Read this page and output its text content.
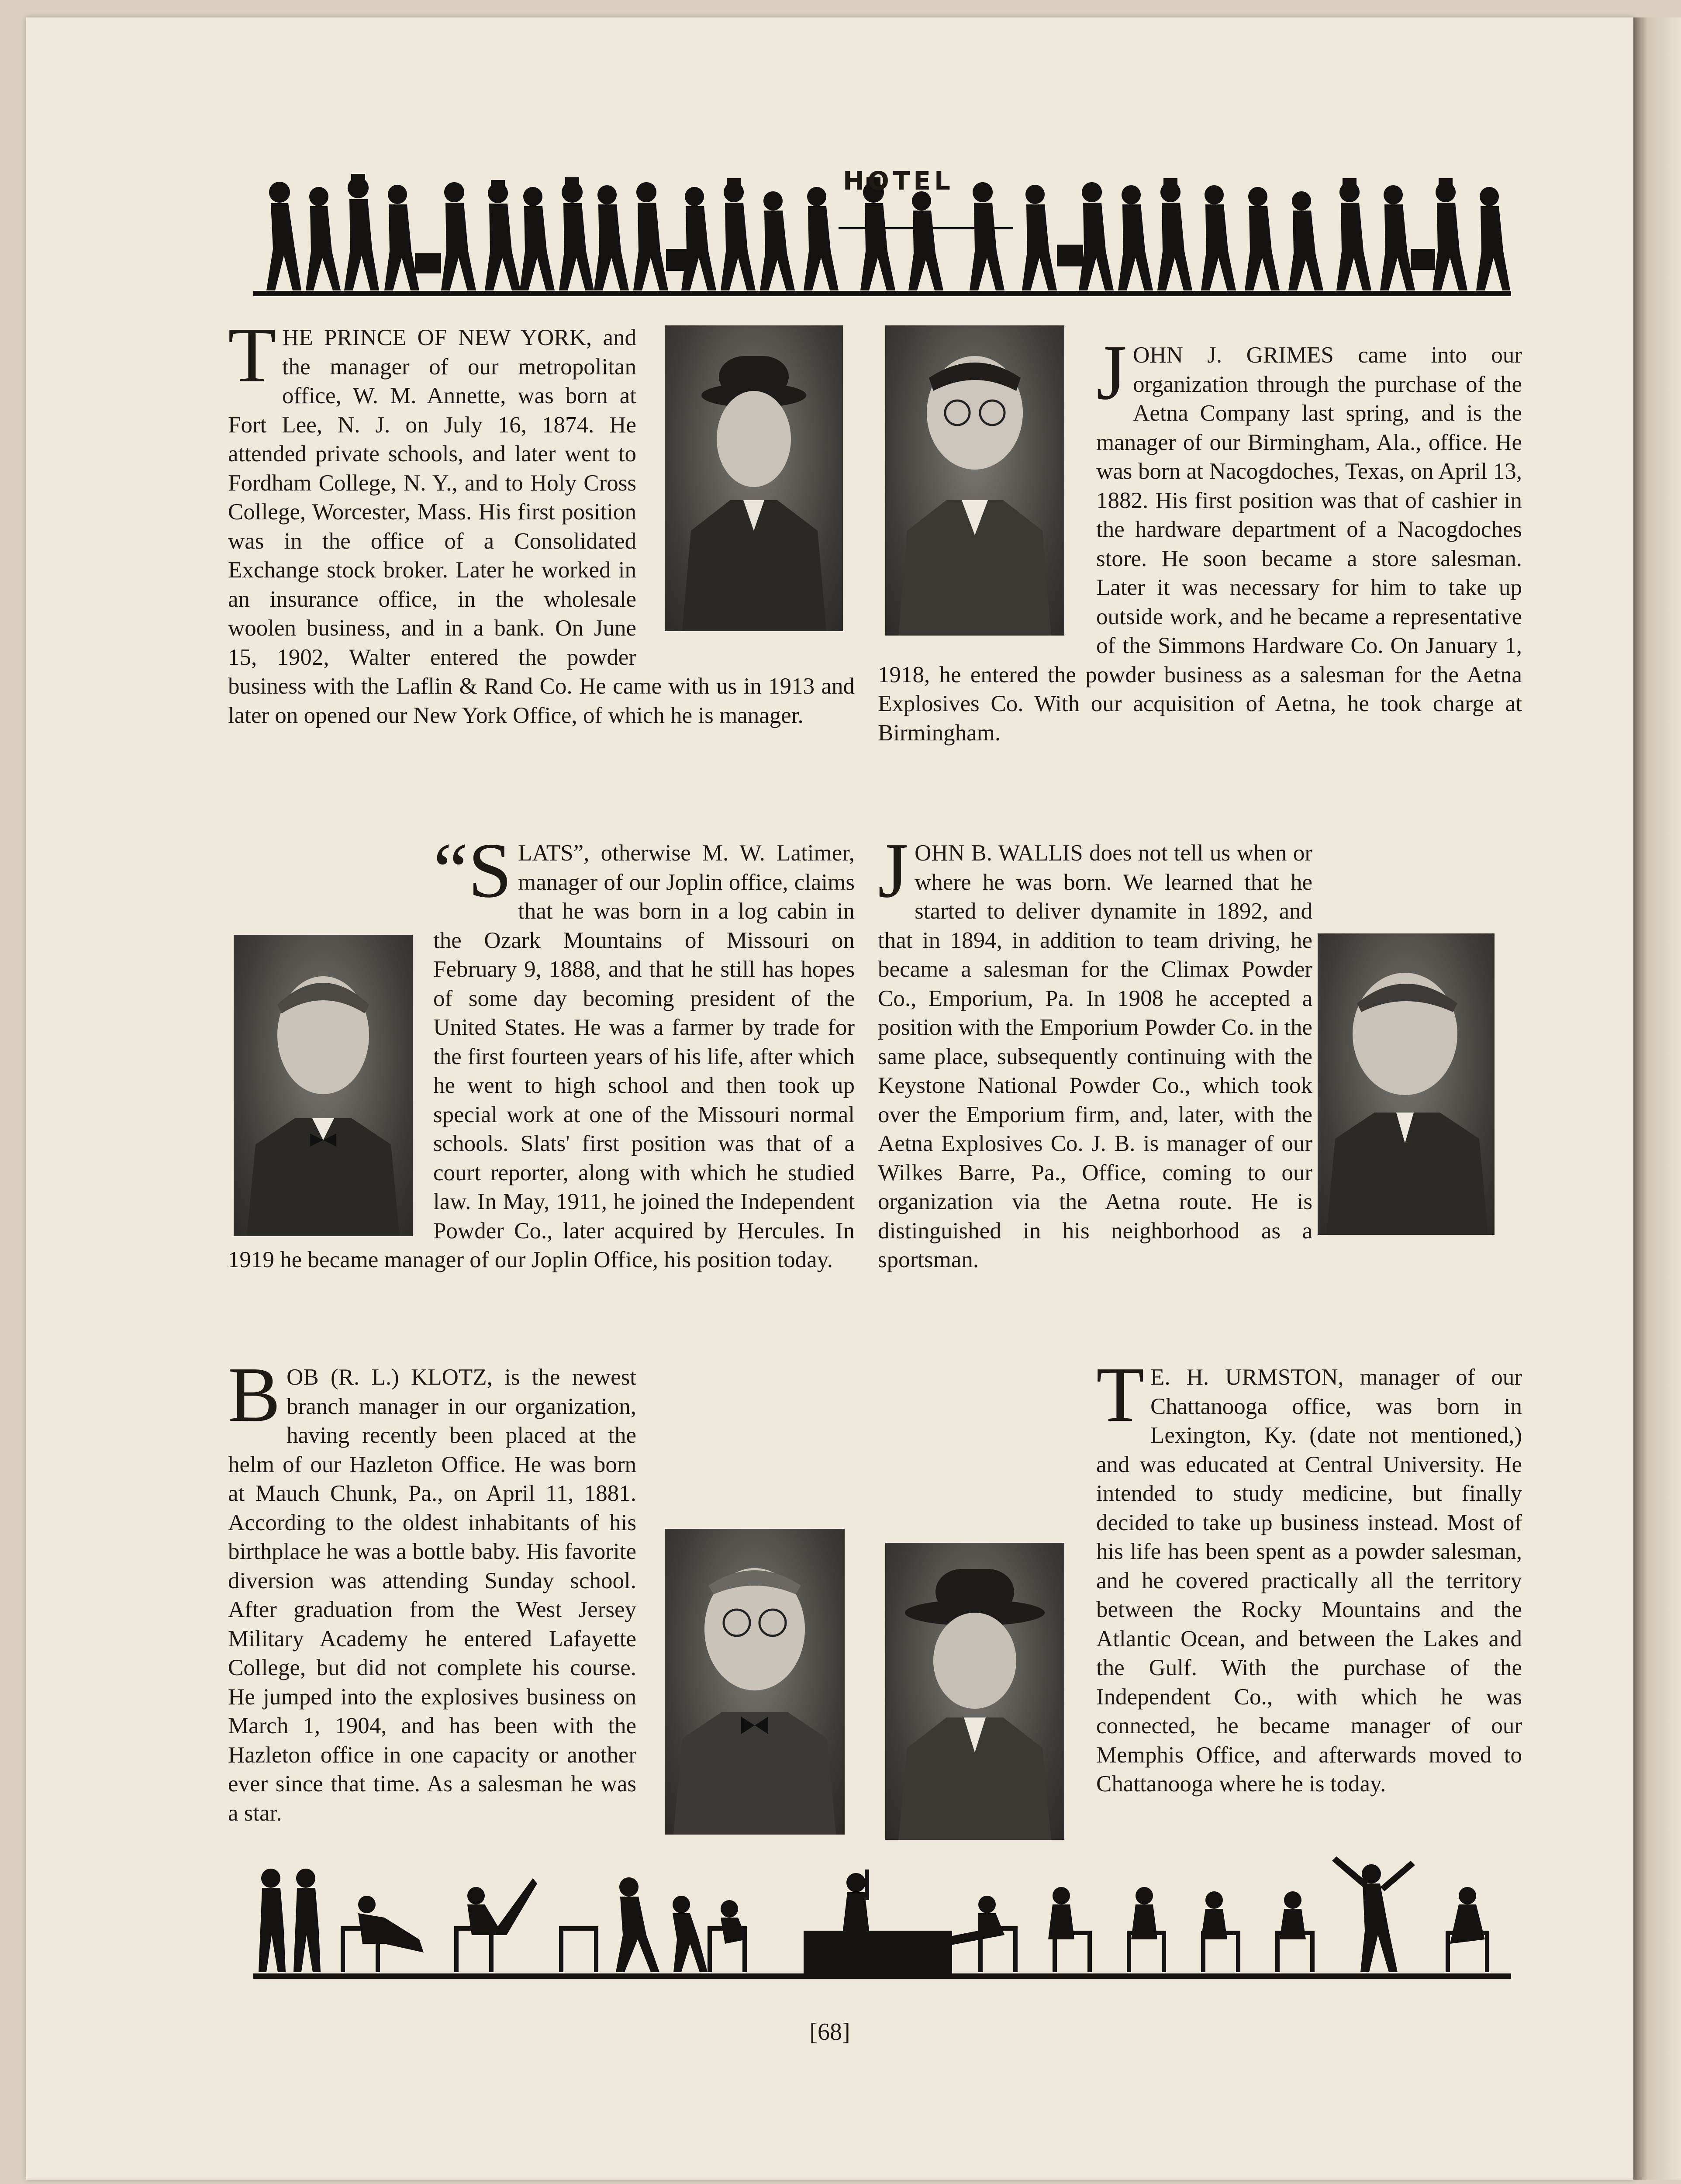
HOTEL
THE PRINCE OF NEW YORK, and the manager of our metropolitan office, W. M. Annette, was born at Fort Lee, N. J. on July 16, 1874. He attended private schools, and later went to Fordham College, N. Y., and to Holy Cross College, Worcester, Mass. His first position was in the office of a Consolidated Exchange stock broker. Later he worked in an insurance office, in the wholesale woolen business, and in a bank. On June 15, 1902, Walter entered the powder business with the Laflin & Rand Co. He came with us in 1913 and later on opened our New York Office, of which he is manager.
JOHN J. GRIMES came into our organization through the purchase of the Aetna Company last spring, and is the manager of our Birmingham, Ala., office. He was born at Nacogdoches, Texas, on April 13, 1882. His first position was that of cashier in the hardware department of a Nacogdoches store. He soon became a store salesman. Later it was necessary for him to take up outside work, and he became a representative of the Simmons Hardware Co. On January 1, 1918, he entered the powder business as a salesman for the Aetna Explosives Co. With our acquisition of Aetna, he took charge at Birmingham.
“SLATS”, otherwise M. W. Latimer, manager of our Joplin office, claims that he was born in a log cabin in the Ozark Mountains of Missouri on February 9, 1888, and that he still has hopes of some day becoming president of the United States. He was a farmer by trade for the first fourteen years of his life, after which he went to high school and then took up special work at one of the Missouri normal schools. Slats' first position was that of a court reporter, along with which he studied law. In May, 1911, he joined the Independent Powder Co., later acquired by Hercules. In 1919 he became manager of our Joplin Office, his position today.
JOHN B. WALLIS does not tell us when or where he was born. We learned that he started to deliver dynamite in 1892, and that in 1894, in addition to team driving, he became a salesman for the Climax Powder Co., Emporium, Pa. In 1908 he accepted a position with the Emporium Powder Co. in the same place, subsequently continuing with the Keystone National Powder Co., which took over the Emporium firm, and, later, with the Aetna Explosives Co. J. B. is manager of our Wilkes Barre, Pa., Office, coming to our organization via the Aetna route. He is distinguished in his neighborhood as a sportsman.
BOB (R. L.) KLOTZ, is the newest branch manager in our organization, having recently been placed at the helm of our Hazleton Office. He was born at Mauch Chunk, Pa., on April 11, 1881. According to the oldest inhabitants of his birthplace he was a bottle baby. His favorite diversion was attending Sunday school. After graduation from the West Jersey Military Academy he entered Lafayette College, but did not complete his course. He jumped into the explosives business on March 1, 1904, and has been with the Hazleton office in one capacity or another ever since that time. As a salesman he was a star.
T E. H. URMSTON, manager of our Chattanooga office, was born in Lexington, Ky. (date not mentioned,) and was educated at Central University. He intended to study medicine, but finally decided to take up business instead. Most of his life has been spent as a powder salesman, and he covered practically all the territory between the Rocky Mountains and the Atlantic Ocean, and between the Lakes and the Gulf. With the purchase of the Independent Co., with which he was connected, he became manager of our Memphis Office, and afterwards moved to Chattanooga where he is today.
[68]
